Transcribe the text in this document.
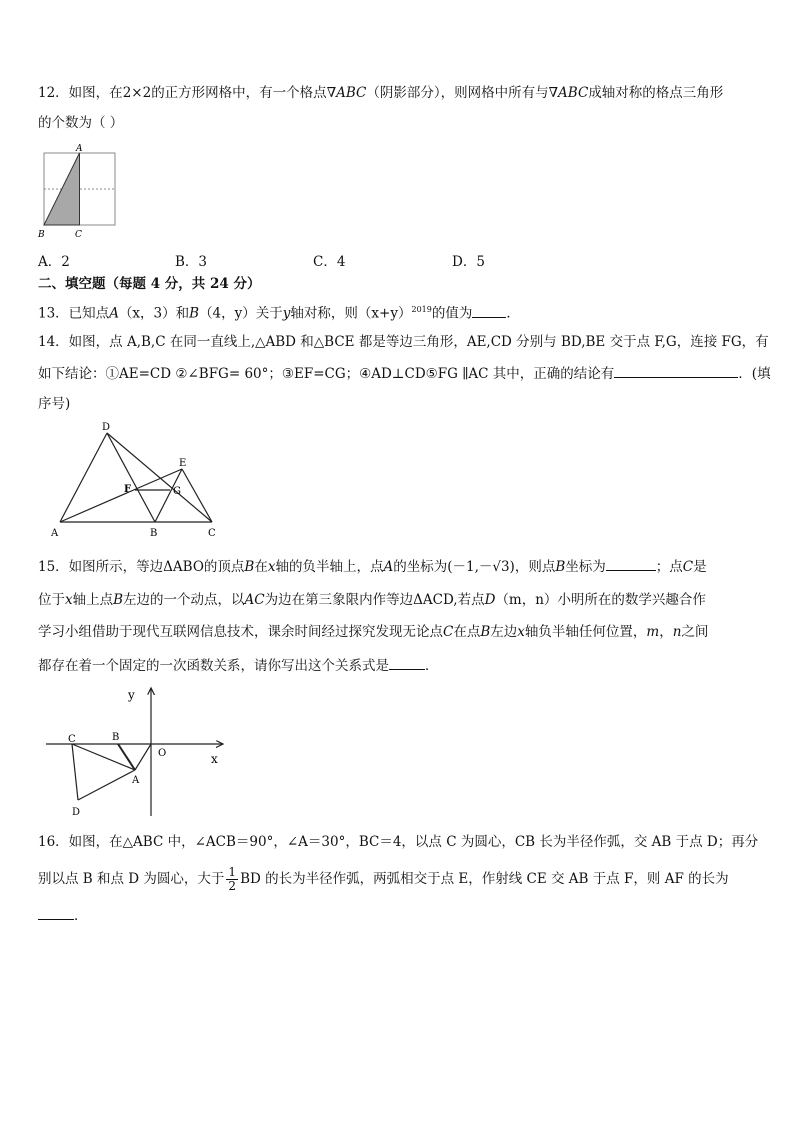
12．如图，在2×2的正方形网格中，有一个格点∇ABC（阴影部分），则网格中所有与∇ABC成轴对称的格点三角形
的个数为（ ）
A
B	C
A．2	B．3	C．4	D．5
二、填空题（每题 4 分，共 24 分）
13．已知点A（x，3）和B（4，y）关于y轴对称，则$(x+y)^{2019}$的值为	．
14．如图，点 A,B,C 在同一直线上,△ABD 和△BCE 都是等边三角形，AE,CD 分别与 BD,BE 交于点 F,G，连接 FG，有
如下结论：①AE=CD ②∠BFG= 60°；③EF=CG；④AD⊥CD⑤FG ∥AC 其中，正确的结论有	．(填
序号)
D
E
F	G
A	B	C
15．如图所示，等边ΔABO的顶点B在x轴的负半轴上，点A的坐标为(－1,－√3)，则点B坐标为	；点C是
位于x轴上点B左边的一个动点，以AC为边在第三象限内作等边ΔACD,若点D（m，n）小明所在的数学兴趣合作
学习小组借助于现代互联网信息技术，课余时间经过探究发现无论点C在点B左边x轴负半轴任何位置，m，n之间
都存在着一个固定的一次函数关系，请你写出这个关系式是	．
y
x
O
A
B
C
D
16．如图，在△ABC 中，∠ACB＝90°，∠A＝30°，BC＝4，以点 C 为圆心，CB 长为半径作弧，交 AB 于点 D；再分
别以点 B 和点 D 为圆心，大于 $\frac{1}{2}$ BD 的长为半径作弧，两弧相交于点 E，作射线 CE 交 AB 于点 F，则 AF 的长为
．
